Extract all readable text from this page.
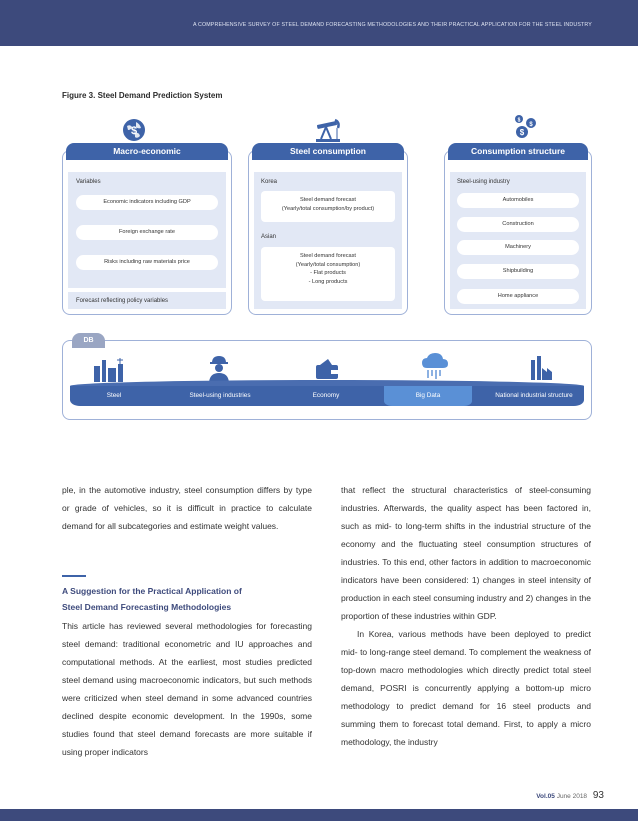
A COMPREHENSIVE SURVEY OF STEEL DEMAND FORECASTING METHODOLOGIES AND THEIR PRACTICAL APPLICATION FOR THE STEEL INDUSTRY
Figure 3. Steel Demand Prediction System
$	$
$
$
Macro-economic
Variables
Economic indicators including GDP
Foreign exchange rate
Risks including raw materials price
Forecast reflecting policy variables
Steel consumption
Korea
Steel demand forecast
(Yearly/total consumption/by product)
Asian
Steel demand forecast
(Yearly/total consumption)
- Flat products
- Long products
Consumption structure
Steel-using industry
Automobiles
Construction
Machinery
Shipbuilding
Home appliance
DB
Steel	Steel-using industries	Economy	Big Data	National industrial structure
ple, in the automotive industry, steel consumption differs by type or grade of vehicles, so it is difficult in practice to calculate demand for all subcategories and estimate weight values.
A Suggestion for the Practical Application of
Steel Demand Forecasting Methodologies
This article has reviewed several methodologies for forecasting steel demand: traditional econometric and IU approaches and computational methods. At the earliest, most studies predicted steel demand using macroeconomic indicators, but such methods were criticized when steel demand in some advanced countries declined despite economic development. In the 1990s, some studies found that steel demand forecasts are more suitable if using proper indicators
that reflect the structural characteristics of steel-consuming industries. Afterwards, the quality aspect has been factored in, such as mid- to long-term shifts in the industrial structure of the economy and the fluctuating steel consumption structures of industries. To this end, other factors in addition to macroeconomic indicators have been considered: 1) changes in steel intensity of production in each steel consuming industry and 2) changes in the proportion of these industries within GDP.
In Korea, various methods have been deployed to predict mid- to long-range steel demand. To complement the weakness of top-down macro methodologies which directly predict total steel demand, POSRI is concurrently applying a bottom-up micro methodology to predict demand for 16 steel products and summing them to forecast total demand. First, to apply a micro methodology, the industry
Vol.05 June 2018 93
